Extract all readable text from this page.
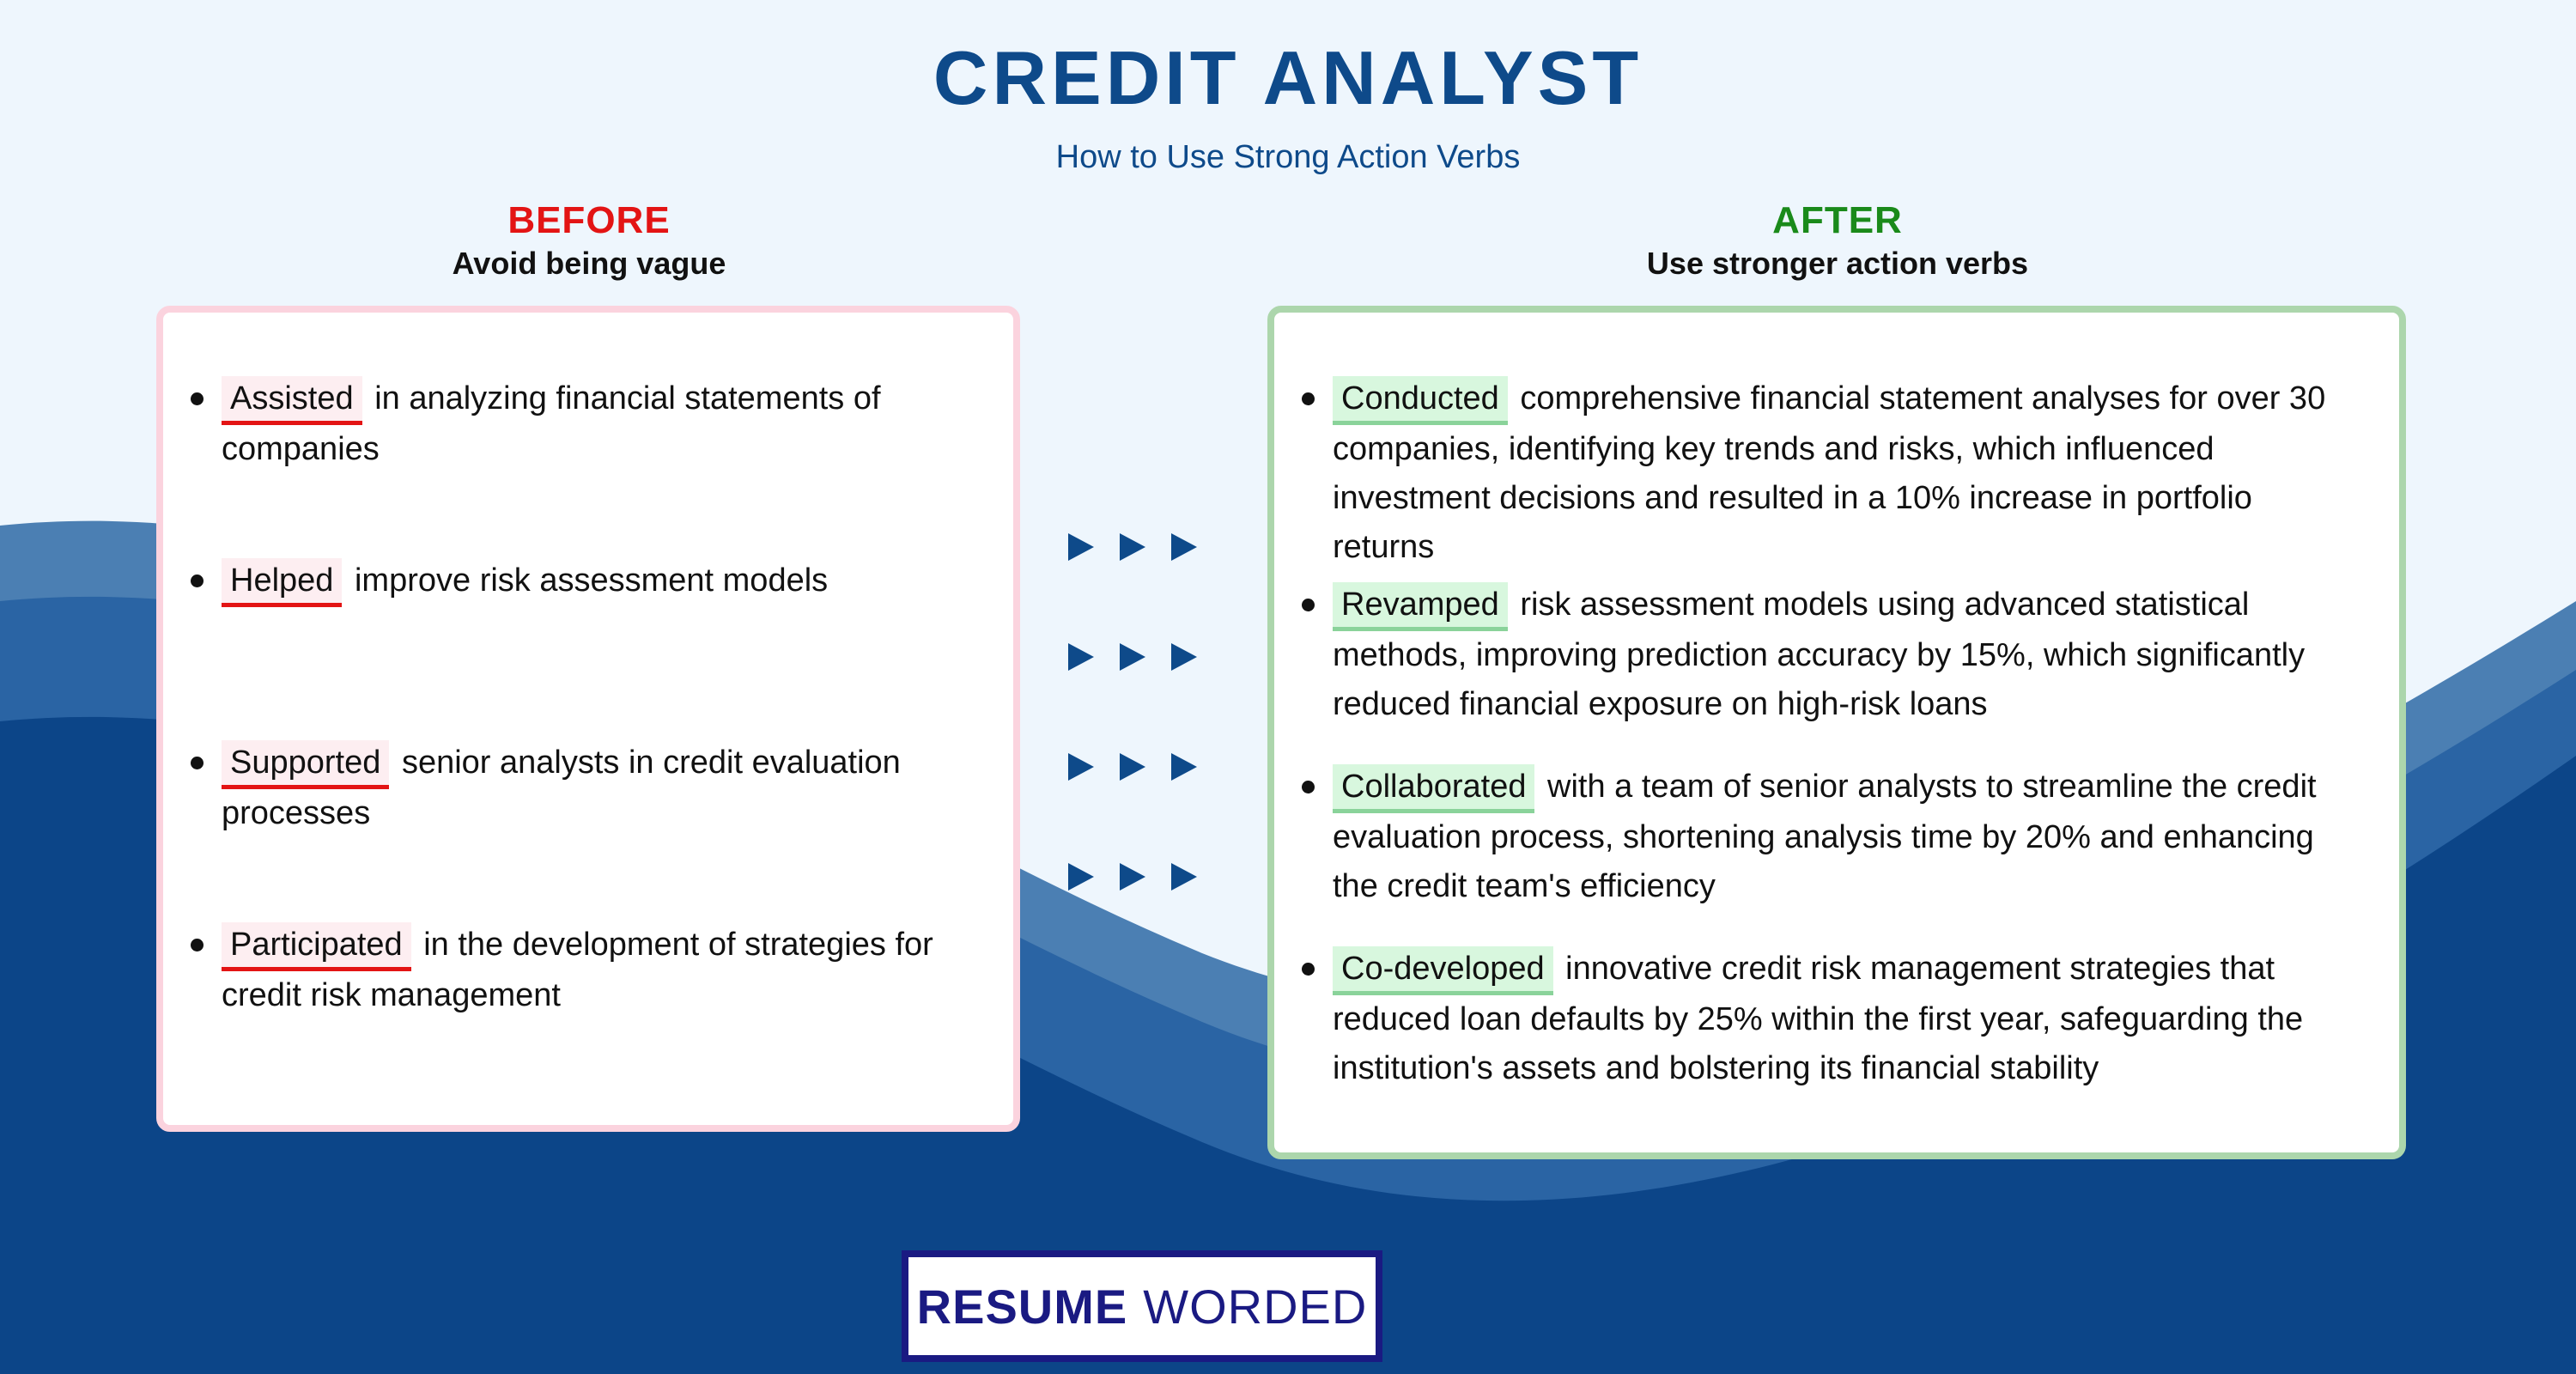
CREDIT ANALYST
How to Use Strong Action Verbs
BEFORE
Avoid being vague
AFTER
Use stronger action verbs
Assisted in analyzing financial statements of companies
Helped improve risk assessment models
Supported senior analysts in credit evaluation processes
Participated in the development of strategies for credit risk management
Conducted comprehensive financial statement analyses for over 30 companies, identifying key trends and risks, which influenced investment decisions and resulted in a 10% increase in portfolio returns
Revamped risk assessment models using advanced statistical methods, improving prediction accuracy by 15%, which significantly reduced financial exposure on high-risk loans
Collaborated with a team of senior analysts to streamline the credit evaluation process, shortening analysis time by 20% and enhancing the credit team's efficiency
Co-developed innovative credit risk management strategies that reduced loan defaults by 25% within the first year, safeguarding the institution's assets and bolstering its financial stability
RESUME WORDED
